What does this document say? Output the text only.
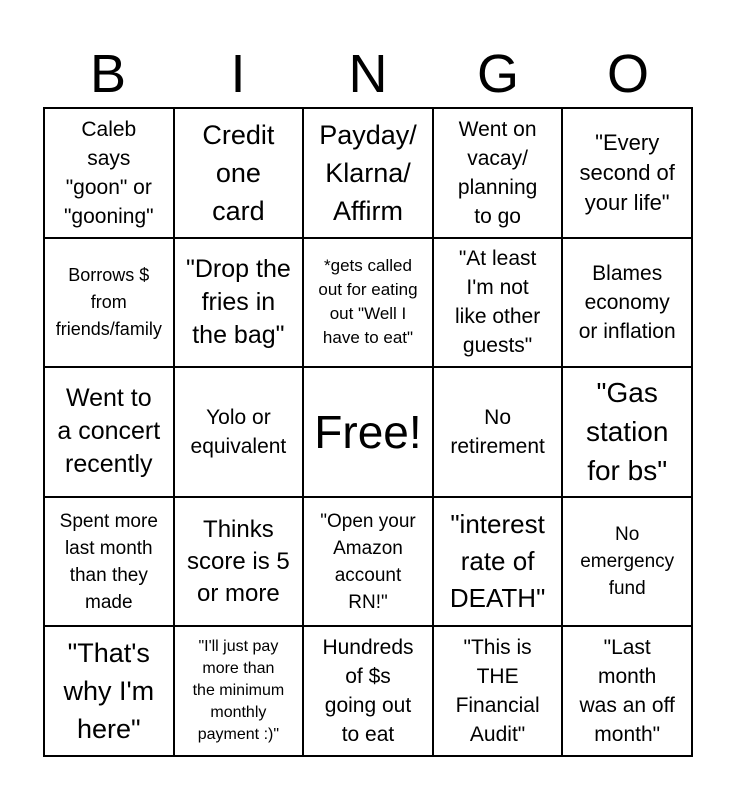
B	I	N	G	O
Caleb
says
"goon" or
"gooning"
Credit
one
card
Payday/
Klarna/
Affirm
Went on
vacay/
planning
to go
"Every
second of
your life"
Borrows $
from
friends/family
"Drop the
fries in
the bag"
*gets called
out for eating
out "Well I
have to eat"
"At least
I'm not
like other
guests"
Blames
economy
or inflation
Went to
a concert
recently
Yolo or
equivalent Free!	No
retirement
"Gas
station
for bs"
Spent more
last month
than they
made
Thinks
score is 5
or more
"Open your
Amazon
account
RN!"
"interest
rate of
DEATH"
No
emergency
fund
"That's
why I'm
here"
"I'll just pay
more than
the minimum
monthly
payment :)"
Hundreds
of $s
going out
to eat
"This is
THE
Financial
Audit"
"Last
month
was an off
month"
